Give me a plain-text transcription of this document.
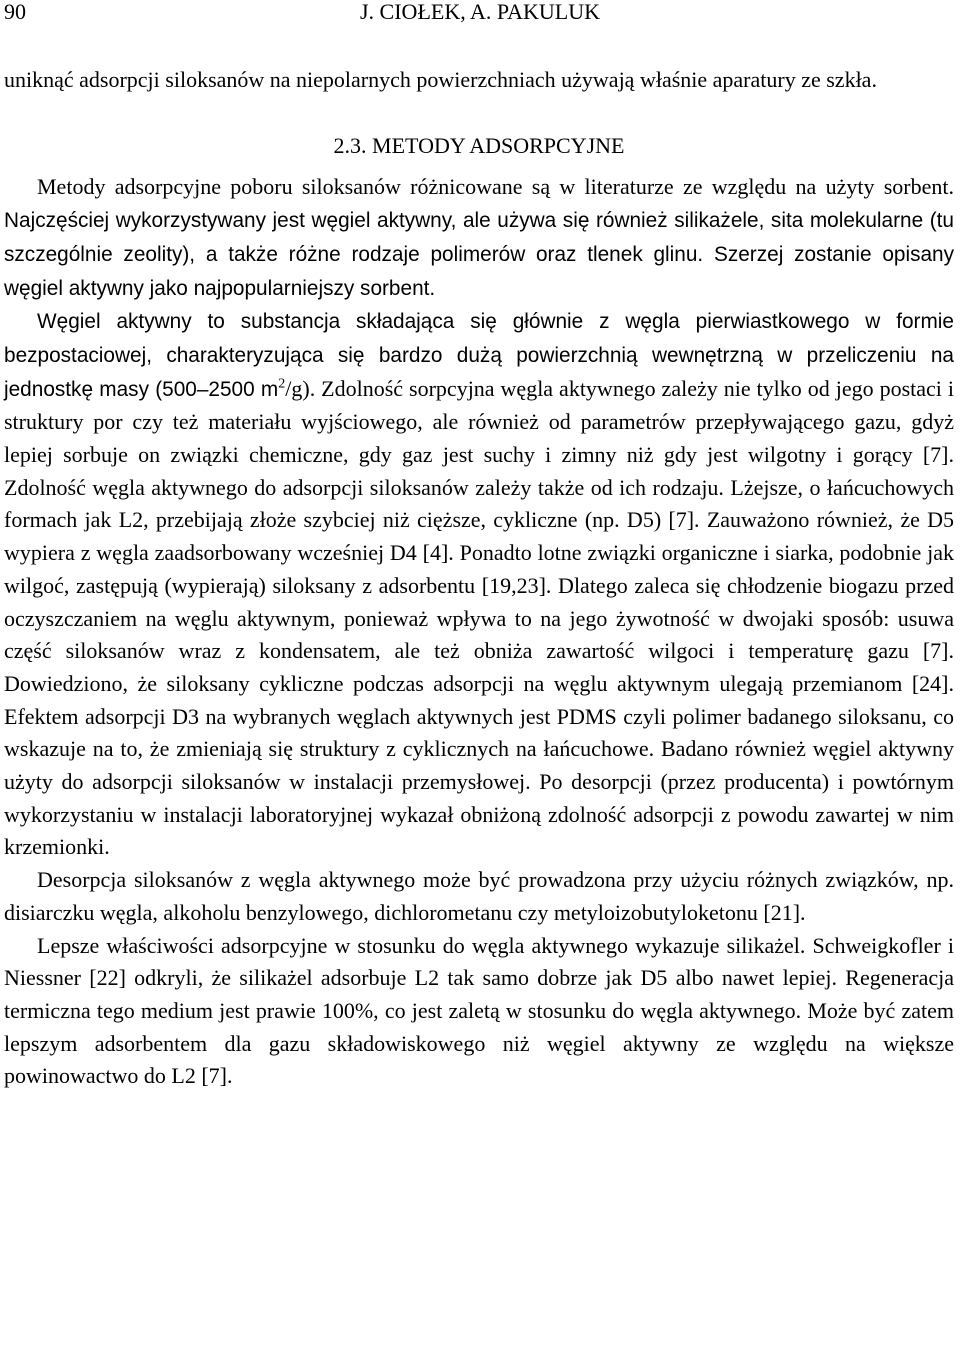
90	J. CIOŁEK, A. PAKULUK

uniknąć adsorpcji siloksanów na niepolarnych powierzchniach używają właśnie aparatury ze szkła.

2.3. METODY ADSORPCYJNE

Metody adsorpcyjne poboru siloksanów różnicowane są w literaturze ze względu na użyty sorbent. Najczęściej wykorzystywany jest węgiel aktywny, ale używa się również silikażele, sita molekularne (tu szczególnie zeolity), a także różne rodzaje polimerów oraz tlenek glinu. Szerzej zostanie opisany węgiel aktywny jako najpopularniejszy sorbent.

Węgiel aktywny to substancja składająca się głównie z węgla pierwiastkowego w formie bezpostaciowej, charakteryzująca się bardzo dużą powierzchnią wewnętrzną w przeliczeniu na jednostkę masy (500–2500 $m^2/g$). Zdolność sorpcyjna węgla aktywnego zależy nie tylko od jego postaci i struktury por czy też materiału wyjściowego, ale również od parametrów przepływającego gazu, gdyż lepiej sorbuje on związki chemiczne, gdy gaz jest suchy i zimny niż gdy jest wilgotny i gorący [7]. Zdolność węgla aktywnego do adsorpcji siloksanów zależy także od ich rodzaju. Lżejsze, o łańcuchowych formach jak L2, przebijają złoże szybciej niż cięższe, cykliczne (np. D5) [7]. Zauważono również, że D5 wypiera z węgla zaadsorbowany wcześniej D4 [4]. Ponadto lotne związki organiczne i siarka, podobnie jak wilgoć, zastępują (wypierają) siloksany z adsorbentu [19,23]. Dlatego zaleca się chłodzenie biogazu przed oczyszczaniem na węglu aktywnym, ponieważ wpływa to na jego żywotność w dwojaki sposób: usuwa część siloksanów wraz z kondensatem, ale też obniża zawartość wilgoci i temperaturę gazu [7]. Dowiedziono, że siloksany cykliczne podczas adsorpcji na węglu aktywnym ulegają przemianom [24]. Efektem adsorpcji D3 na wybranych węglach aktywnych jest PDMS czyli polimer badanego siloksanu, co wskazuje na to, że zmieniają się struktury z cyklicznych na łańcuchowe. Badano również węgiel aktywny użyty do adsorpcji siloksanów w instalacji przemysłowej. Po desorpcji (przez producenta) i powtórnym wykorzystaniu w instalacji laboratoryjnej wykazał obniżoną zdolność adsorpcji z powodu zawartej w nim krzemionki.

Desorpcja siloksanów z węgla aktywnego może być prowadzona przy użyciu różnych związków, np. disiarczku węgla, alkoholu benzylowego, dichlorometanu czy metyloizobutyloketonu [21].

Lepsze właściwości adsorpcyjne w stosunku do węgla aktywnego wykazuje silikażel. Schweigkofler i Niessner [22] odkryli, że silikażel adsorbuje L2 tak samo dobrze jak D5 albo nawet lepiej. Regeneracja termiczna tego medium jest prawie 100%, co jest zaletą w stosunku do węgla aktywnego. Może być zatem lepszym adsorbentem dla gazu składowiskowego niż węgiel aktywny ze względu na większe powinowactwo do L2 [7].
